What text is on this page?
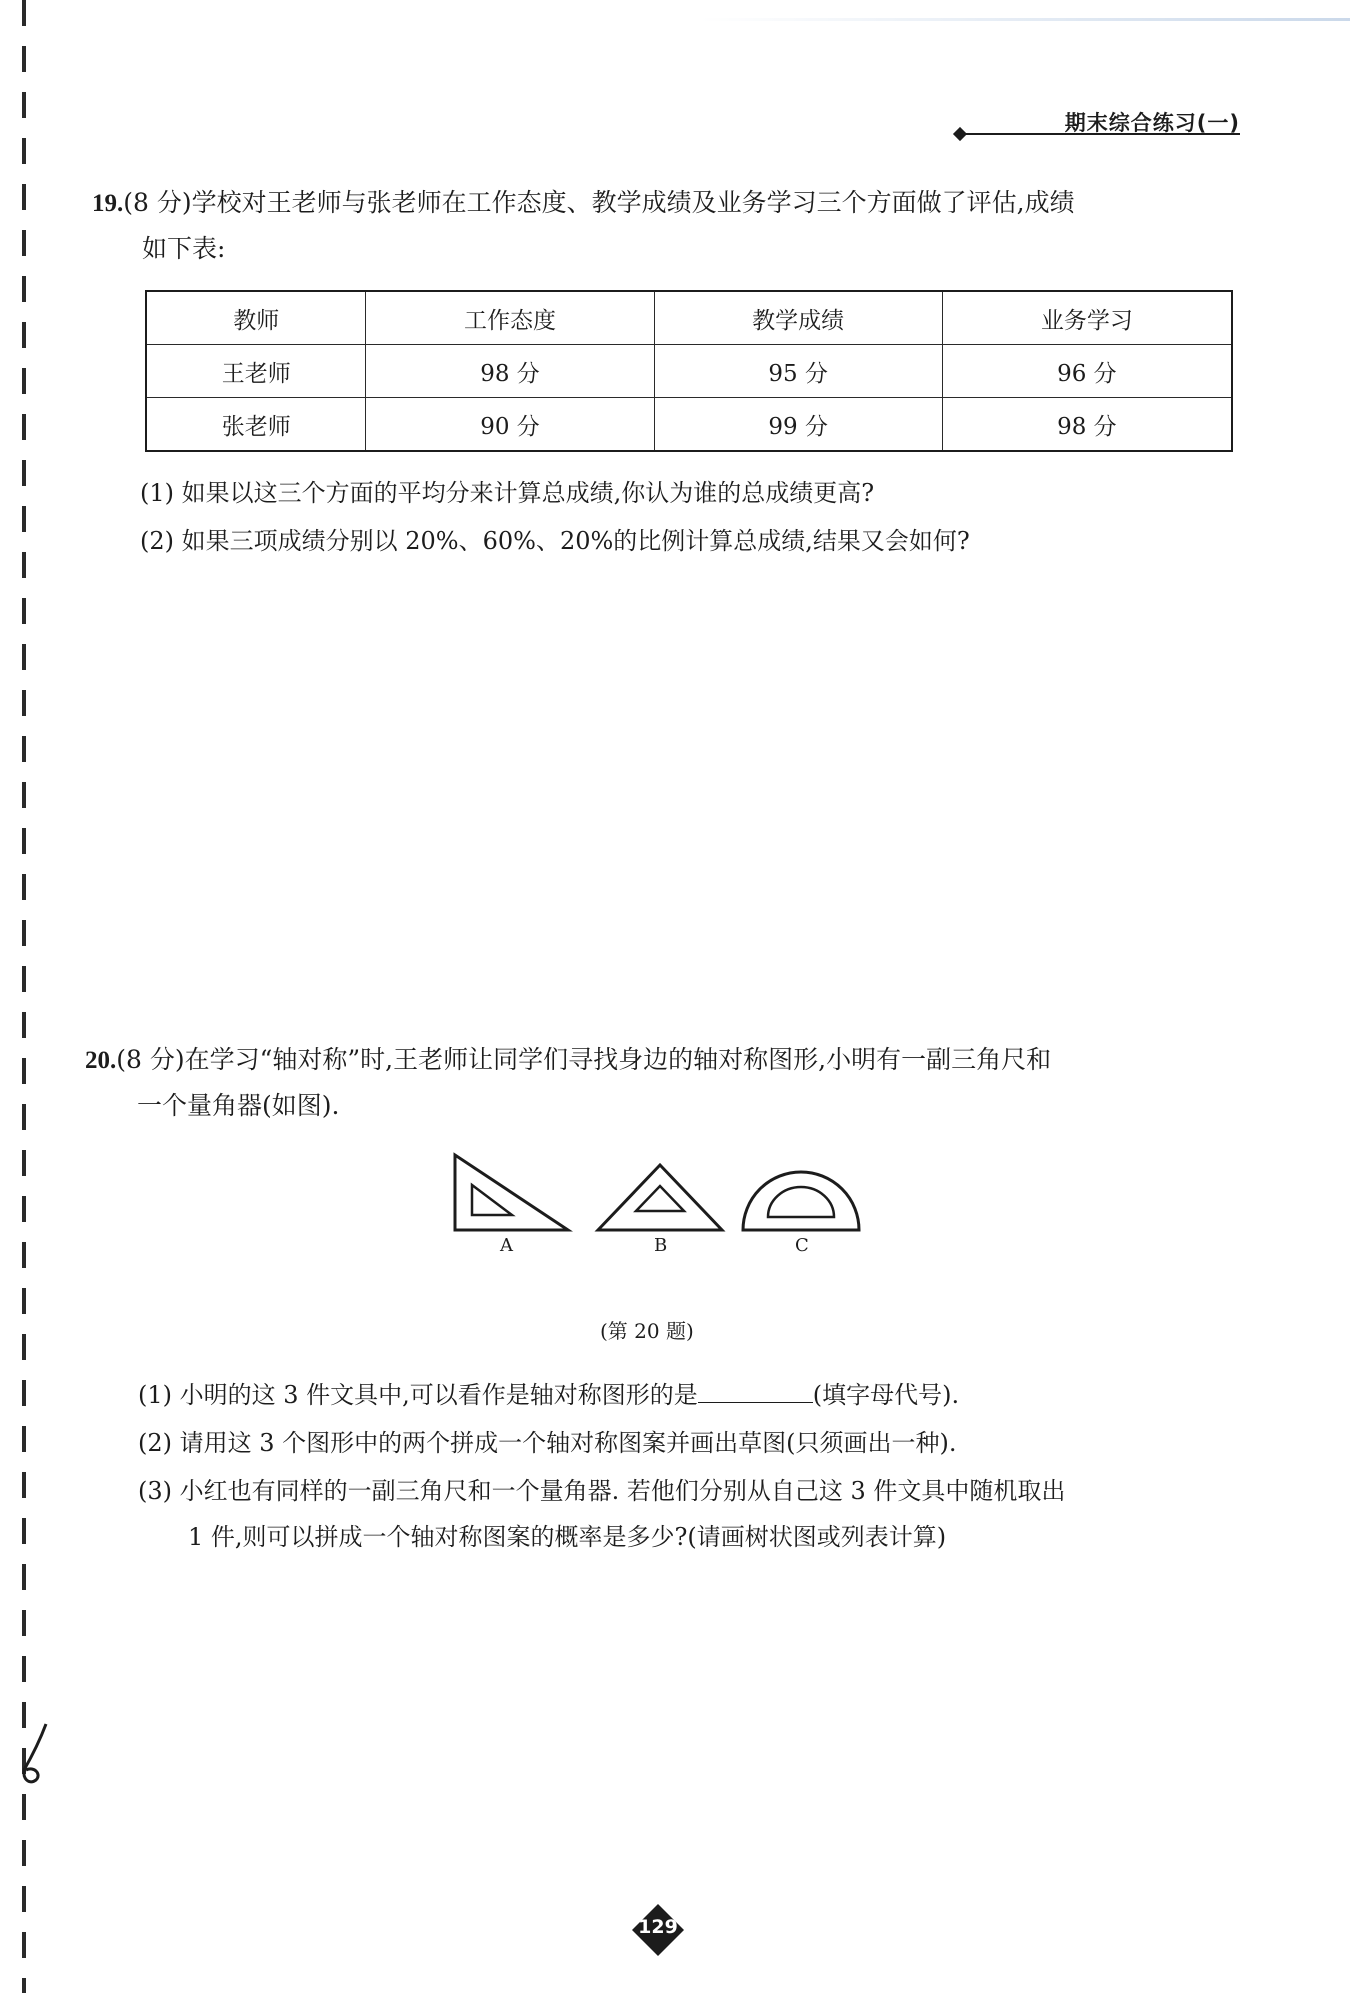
期末综合练习(一)
19.(8 分)学校对王老师与张老师在工作态度、教学成绩及业务学习三个方面做了评估,成绩
如下表:
教师	工作态度	教学成绩	业务学习
王老师	98 分	95 分	96 分
张老师	90 分	99 分	98 分
(1) 如果以这三个方面的平均分来计算总成绩,你认为谁的总成绩更高?
(2) 如果三项成绩分别以 20%、60%、20%的比例计算总成绩,结果又会如何?
20.(8 分)在学习“轴对称”时,王老师让同学们寻找身边的轴对称图形,小明有一副三角尺和
一个量角器(如图).
A	B	C
(第 20 题)
(1) 小明的这 3 件文具中,可以看作是轴对称图形的是	(填字母代号).
(2) 请用这 3 个图形中的两个拼成一个轴对称图案并画出草图(只须画出一种).
(3) 小红也有同样的一副三角尺和一个量角器. 若他们分别从自己这 3 件文具中随机取出
1 件,则可以拼成一个轴对称图案的概率是多少?(请画树状图或列表计算)
129
